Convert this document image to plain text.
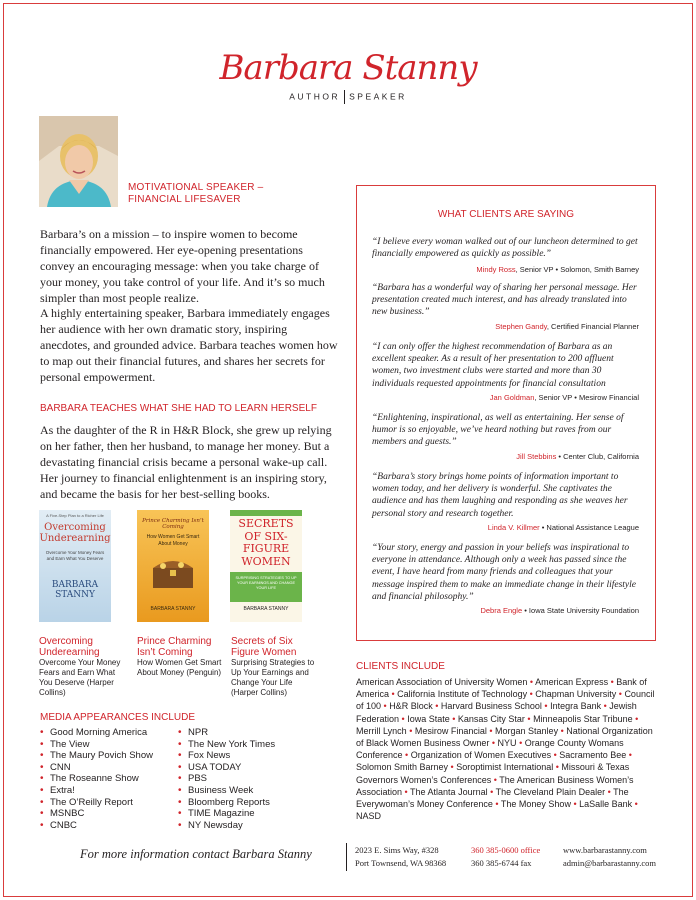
Barbara Stanny
AUTHOR SPEAKER
MOTIVATIONAL SPEAKER –
FINANCIAL LIFESAVER

Barbara’s on a mission – to inspire women to become financially empowered. Her eye-opening presentations convey an encouraging message: when you take charge of your money, you take control of your life. And it’s so much simpler than most people realize.

A highly entertaining speaker, Barbara immediately engages her audience with her own dramatic story, inspiring anecdotes, and grounded advice. Barbara teaches women how to map out their financial futures, and shares her secrets for personal empowerment.

BARBARA TEACHES WHAT SHE HAD TO LEARN HERSELF

As the daughter of the R in H&R Block, she grew up relying on her father, then her husband, to manage her money. But a devastating financial crisis became a personal wake-up call. Her journey to financial enlightenment is an inspiring story, and became the basis for her best-selling books.

A Five-Step Plan to a Richer Life
Overcoming
Underearning
Overcome Your Money Fears
and Earn What You Deserve
BARBARA
STANNY
Prince Charming Isn’t Coming
How Women Get Smart
About Money
BARBARA STANNY
SECRETS
OF SIX-
FIGURE
WOMEN
SURPRISING STRATEGIES TO UP YOUR EARNINGS AND CHANGE YOUR LIFE
BARBARA STANNY
Overcoming
Underearning
Prince Charming
Isn’t Coming
Secrets of Six
Figure Women
Overcome Your Money Fears and Earn What You Deserve (Harper Collins)
How Women Get Smart About Money (Penguin)
Surprising Strategies to Up Your Earnings and Change Your Life (Harper Collins)
MEDIA APPEARANCES INCLUDE
• Good Morning America
• The View
• The Maury Povich Show
• CNN
• The Roseanne Show
• Extra!
• The O’Reilly Report
• MSNBC
• CNBC
• NPR
• The New York Times
• Fox News
• USA TODAY
• PBS
• Business Week
• Bloomberg Reports
• TIME Magazine
• NY Newsday
WHAT CLIENTS ARE SAYING
“I believe every woman walked out of our luncheon determined to get financially empowered as quickly as possible.”
Mindy Ross, Senior VP • Solomon, Smith Barney
“Barbara has a wonderful way of sharing her personal message. Her presentation created much interest, and has already translated into new business.”
Stephen Gandy, Certified Financial Planner
“I can only offer the highest recommendation of Barbara as an excellent speaker. As a result of her presentation to 200 affluent women, two investment clubs were started and more than 30 individuals requested appointments for financial consultation
Jan Goldman, Senior VP • Mesirow Financial
“Enlightening, inspirational, as well as entertaining. Her sense of humor is so enjoyable, we’ve heard nothing but raves from our members and guests.”
Jill Stebbins • Center Club, California
“Barbara’s story brings home points of information important to women today, and her delivery is wonderful. She captivates the audience and has them laughing and responding as she weaves her personal story and research together.
Linda V. Killmer • National Assistance League
“Your story, energy and passion in your beliefs was inspirational to everyone in attendance. Although only a week has passed since the event, I have heard from many friends and colleagues that your message inspired them to make an immediate change in their lifestyle and financial philosophy.”
Debra Engle • Iowa State University Foundation
CLIENTS INCLUDE
American Association of University Women • American Express • Bank of America • California Institute of Technology • Chapman University • Council of 100 • H&R Block • Harvard Business School • Integra Bank • Jewish Federation • Iowa State • Kansas City Star • Minneapolis Star Tribune • Merrill Lynch • Mesirow Financial • Morgan Stanley • National Organization of Black Women Business Owner • NYU • Orange County Womans Conference • Organization of Women Executives • Sacramento Bee • Solomon Smith Barney • Soroptimist International • Missouri & Texas Governors Women’s Conferences • The American Business Women’s Association • The Atlanta Journal • The Cleveland Plain Dealer • The Everywoman’s Money Conference • The Money Show • LaSalle Bank • NASD
For more information contact Barbara Stanny	2023 E. Sims Way, #328
Port Townsend, WA 98368
360 385-0600 office
360 385-6744 fax
www.barbarastanny.com
admin@barbarastanny.com
